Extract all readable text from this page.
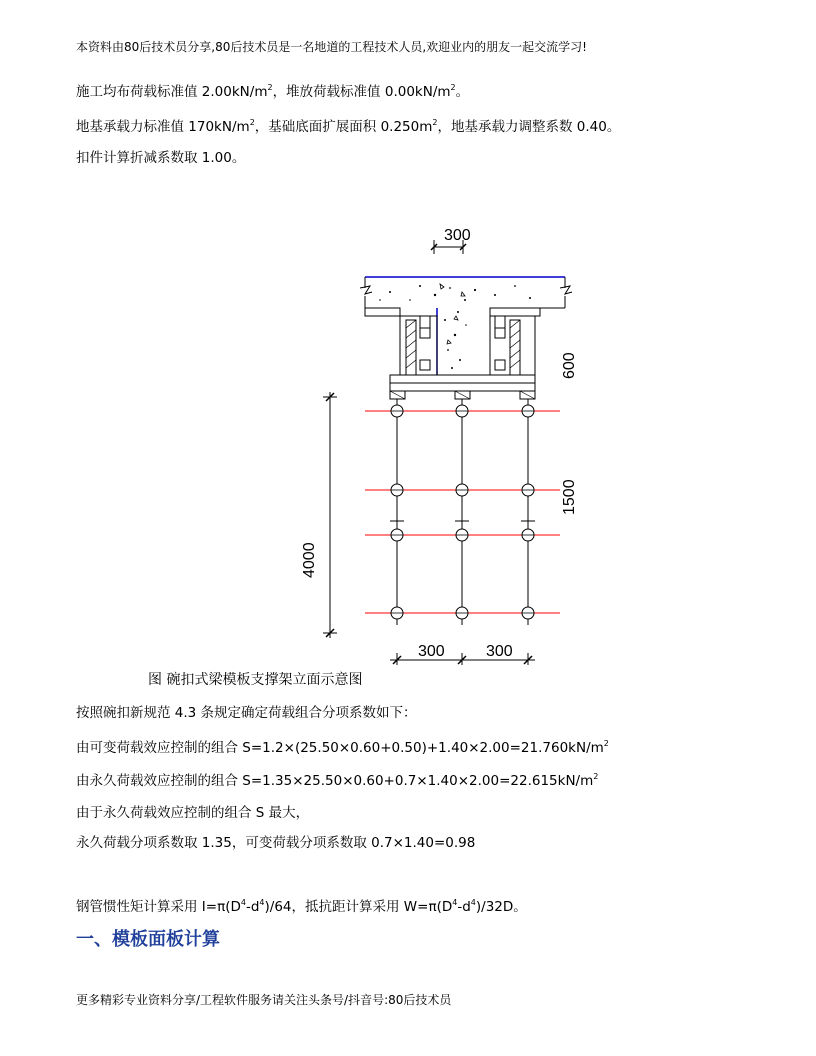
本资料由80后技术员分享,80后技术员是一名地道的工程技术人员,欢迎业内的朋友一起交流学习!
施工均布荷载标准值 $2.00kN/m^2$，堆放荷载标准值 $0.00kN/m^2$。
地基承载力标准值 $170kN/m^2$，基础底面扩展面积 $0.250m^2$，地基承载力调整系数 0.40。
扣件计算折减系数取 1.00。
300
600
1500
4000
300	300
图 碗扣式梁模板支撑架立面示意图
按照碗扣新规范 4.3 条规定确定荷载组合分项系数如下：
由可变荷载效应控制的组合 $S=1.2\times(25.50\times 0.60+0.50)+1.40\times 2.00=21.760kN/m^2$
由永久荷载效应控制的组合 $S=1.35\times 25.50\times 0.60+0.7\times 1.40\times 2.00=22.615kN/m^2$
由于永久荷载效应控制的组合 S 最大，
永久荷载分项系数取 1.35，可变荷载分项系数取 0.7×1.40=0.98
钢管惯性矩计算采用 $I=\pi(D^4-d^4)/64$，抵抗距计算采用 $W=\pi(D^4-d^4)/32D$。
一、模板面板计算
更多精彩专业资料分享/工程软件服务请关注头条号/抖音号:80后技术员
